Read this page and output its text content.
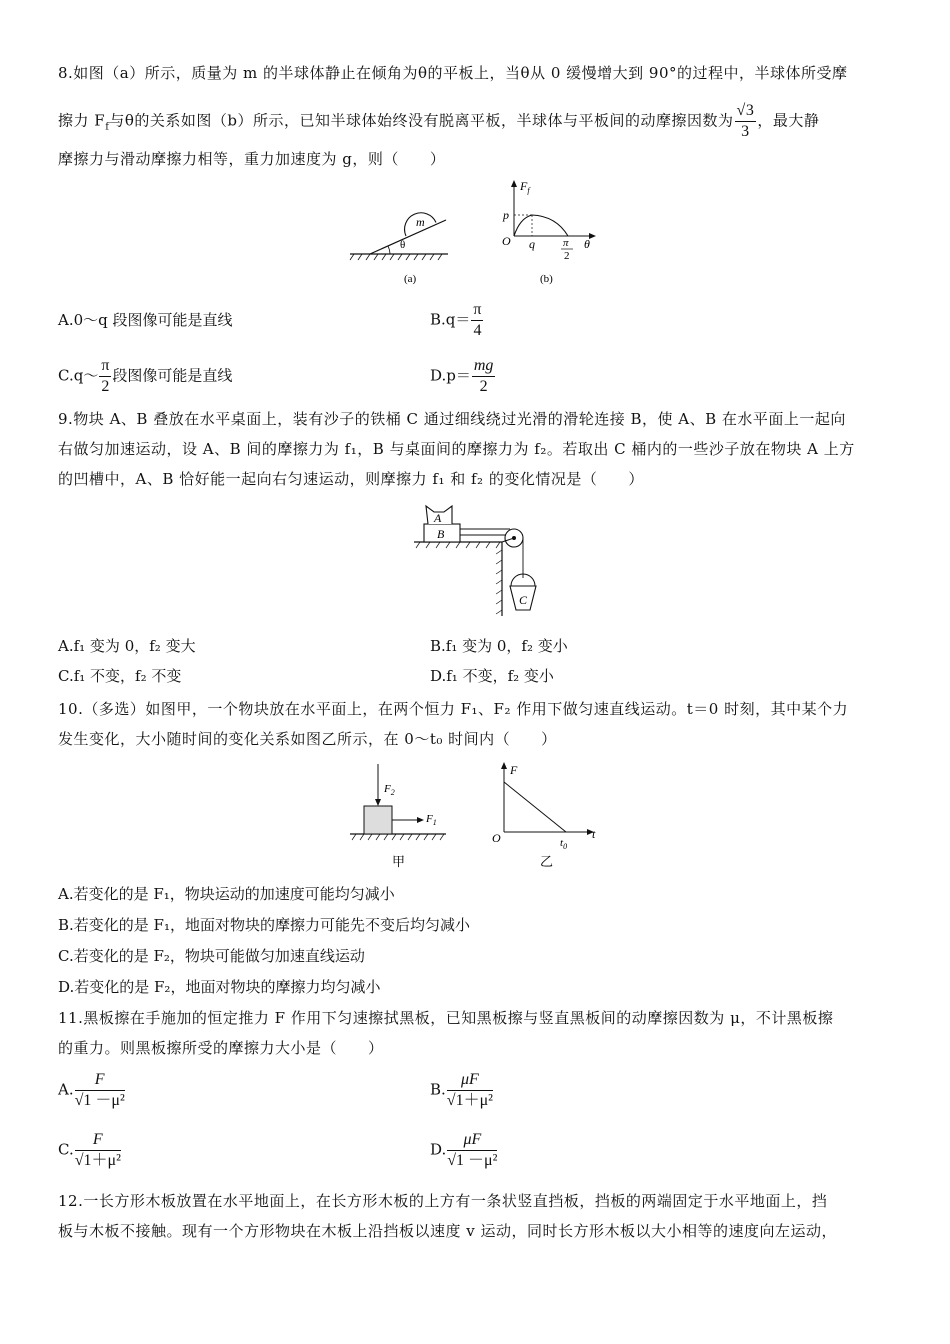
8.如图（a）所示，质量为 m 的半球体静止在倾角为θ的平板上，当θ从 0 缓慢增大到 90°的过程中，半球体所受摩
擦力 $F_f$与θ的关系如图（b）所示，已知半球体始终没有脱离平板，半球体与平板间的动摩擦因数为 $\frac{√3}{3}$ ，最大静
摩擦力与滑动摩擦力相等，重力加速度为 g，则（　　）
m
θ
(a)
$F_f$
p
O q	π
2
θ
(b)
A.0～q 段图像可能是直线	$B.q= \frac{\pi}{4}$
C.q～ $\frac{\pi}{2}$ 段图像可能是直线	$D.p= \frac{mg}{2}$
9.物块 A、B 叠放在水平桌面上，装有沙子的铁桶 C 通过细线绕过光滑的滑轮连接 B，使 A、B 在水平面上一起向
右做匀加速运动，设 A、B 间的摩擦力为 f₁，B 与桌面间的摩擦力为 f₂。若取出 C 桶内的一些沙子放在物块 A 上方
的凹槽中，A、B 恰好能一起向右匀速运动，则摩擦力 f₁ 和 f₂ 的变化情况是（　　）
B
A
C
A.f₁ 变为 0，f₂ 变大	B.f₁ 变为 0，f₂ 变小
C.f₁ 不变，f₂ 不变	D.f₁ 不变，f₂ 变小
10.（多选）如图甲，一个物块放在水平面上，在两个恒力 F₁、F₂ 作用下做匀速直线运动。t＝0 时刻，其中某个力
发生变化，大小随时间的变化关系如图乙所示，在 0～t₀ 时间内（　　）
$F_2$
$F_1$
甲
F
O	$t_0$
t
乙
A.若变化的是 F₁，物块运动的加速度可能均匀减小
B.若变化的是 F₁，地面对物块的摩擦力可能先不变后均匀减小
C.若变化的是 F₂，物块可能做匀加速直线运动
D.若变化的是 F₂，地面对物块的摩擦力均匀减小
11.黑板擦在手施加的恒定推力 F 作用下匀速擦拭黑板，已知黑板擦与竖直黑板间的动摩擦因数为 μ，不计黑板擦
的重力。则黑板擦所受的摩擦力大小是（　　）
A. $\frac{F}{\text{√1 －μ²}}$	B. $\frac{\mu F}{\text{√1＋μ²}}$
C. $\frac{F}{\text{√1＋μ²}}$	D. $\frac{\mu F}{\text{√1 －μ²}}$
12.一长方形木板放置在水平地面上，在长方形木板的上方有一条状竖直挡板，挡板的两端固定于水平地面上，挡
板与木板不接触。现有一个方形物块在木板上沿挡板以速度 v 运动，同时长方形木板以大小相等的速度向左运动，
